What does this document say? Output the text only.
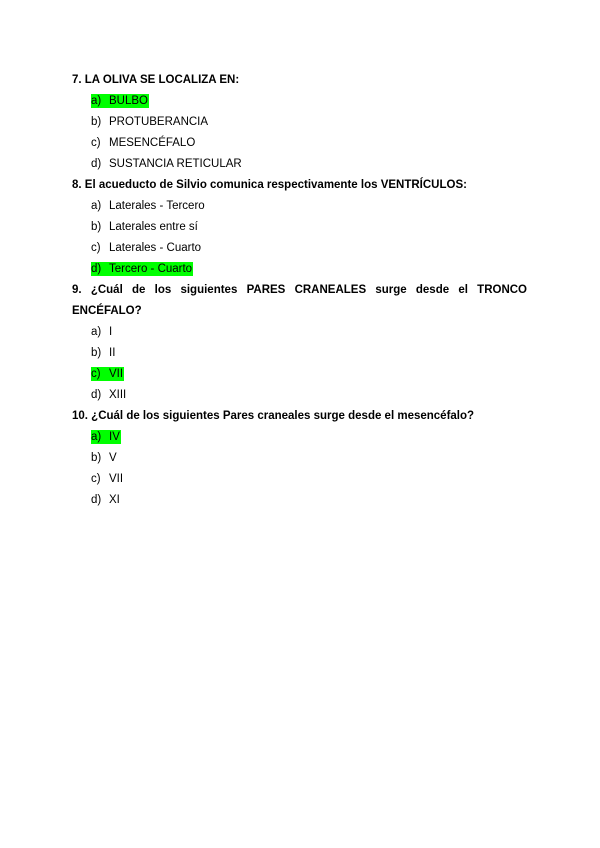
7. LA OLIVA SE LOCALIZA EN:

a) BULBO
b) PROTUBERANCIA
c) MESENCÉFALO
d) SUSTANCIA RETICULAR

8. El acueducto de Silvio comunica respectivamente los VENTRÍCULOS:

a) Laterales - Tercero
b) Laterales entre sí
c) Laterales - Cuarto
d) Tercero - Cuarto

9. ¿Cuál de los siguientes PARES CRANEALES surge desde el TRONCO ENCÉFALO?

a) I
b) II
c) VII
d) XIII

10. ¿Cuál de los siguientes Pares craneales surge desde el mesencéfalo?

a) IV
b) V
c) VII
d) XI
